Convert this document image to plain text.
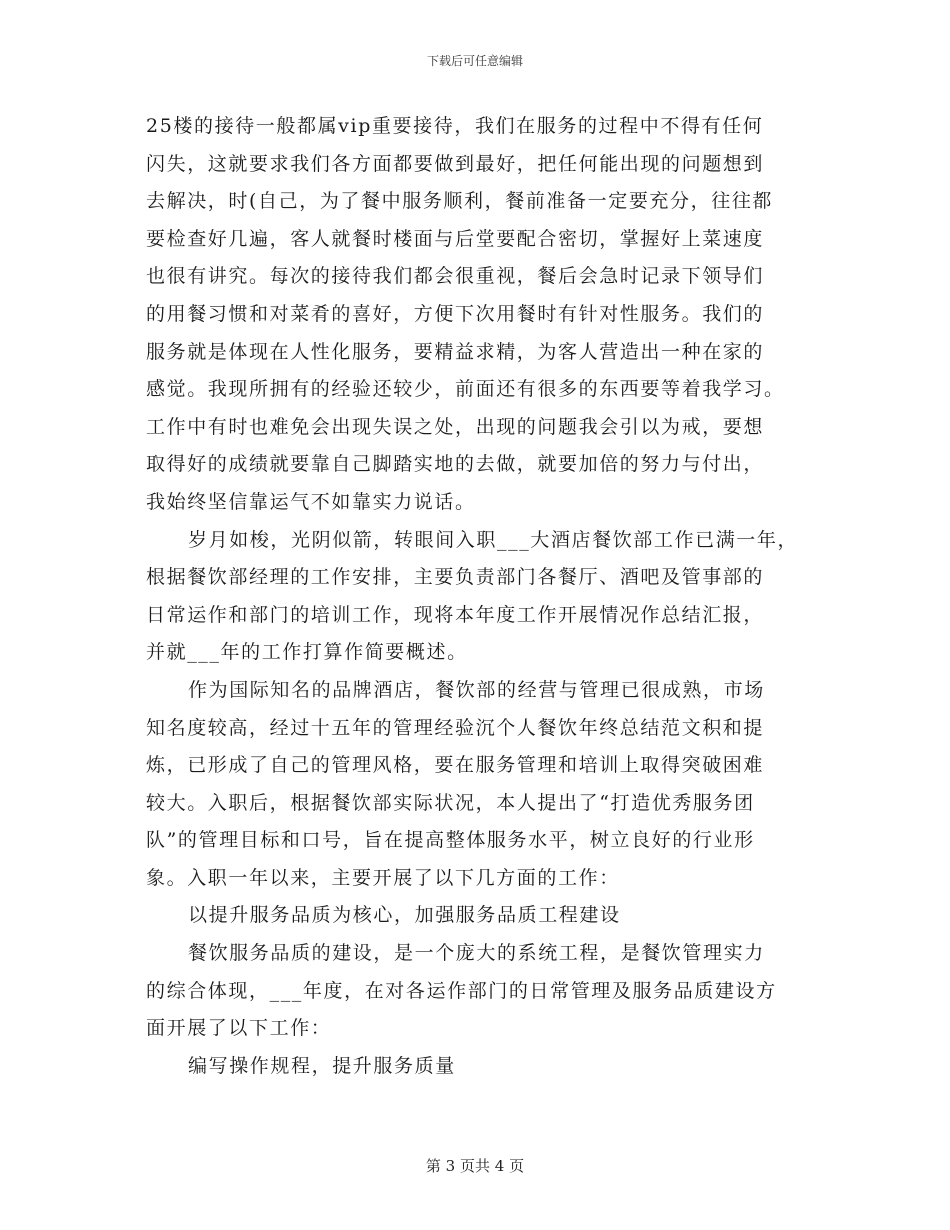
下载后可任意编辑
25楼的接待一般都属vip重要接待，我们在服务的过程中不得有任何
闪失，这就要求我们各方面都要做到最好，把任何能出现的问题想到
去解决，时(自己，为了餐中服务顺利，餐前准备一定要充分，往往都
要检查好几遍，客人就餐时楼面与后堂要配合密切，掌握好上菜速度
也很有讲究。每次的接待我们都会很重视，餐后会急时记录下领导们
的用餐习惯和对菜肴的喜好，方便下次用餐时有针对性服务。我们的
服务就是体现在人性化服务，要精益求精，为客人营造出一种在家的
感觉。我现所拥有的经验还较少，前面还有很多的东西要等着我学习。
工作中有时也难免会出现失误之处，出现的问题我会引以为戒，要想
取得好的成绩就要靠自己脚踏实地的去做，就要加倍的努力与付出，
我始终坚信靠运气不如靠实力说话。
岁月如梭，光阴似箭，转眼间入职___大酒店餐饮部工作已满一年，
根据餐饮部经理的工作安排，主要负责部门各餐厅、酒吧及管事部的
日常运作和部门的培训工作，现将本年度工作开展情况作总结汇报，
并就___年的工作打算作简要概述。
作为国际知名的品牌酒店，餐饮部的经营与管理已很成熟，市场
知名度较高，经过十五年的管理经验沉个人餐饮年终总结范文积和提
炼，已形成了自己的管理风格，要在服务管理和培训上取得突破困难
较大。入职后，根据餐饮部实际状况，本人提出了“打造优秀服务团
队”的管理目标和口号，旨在提高整体服务水平，树立良好的行业形
象。入职一年以来，主要开展了以下几方面的工作：
以提升服务品质为核心，加强服务品质工程建设
餐饮服务品质的建设，是一个庞大的系统工程，是餐饮管理实力
的综合体现，___年度，在对各运作部门的日常管理及服务品质建设方
面开展了以下工作：
编写操作规程，提升服务质量
第 3 页共 4 页
